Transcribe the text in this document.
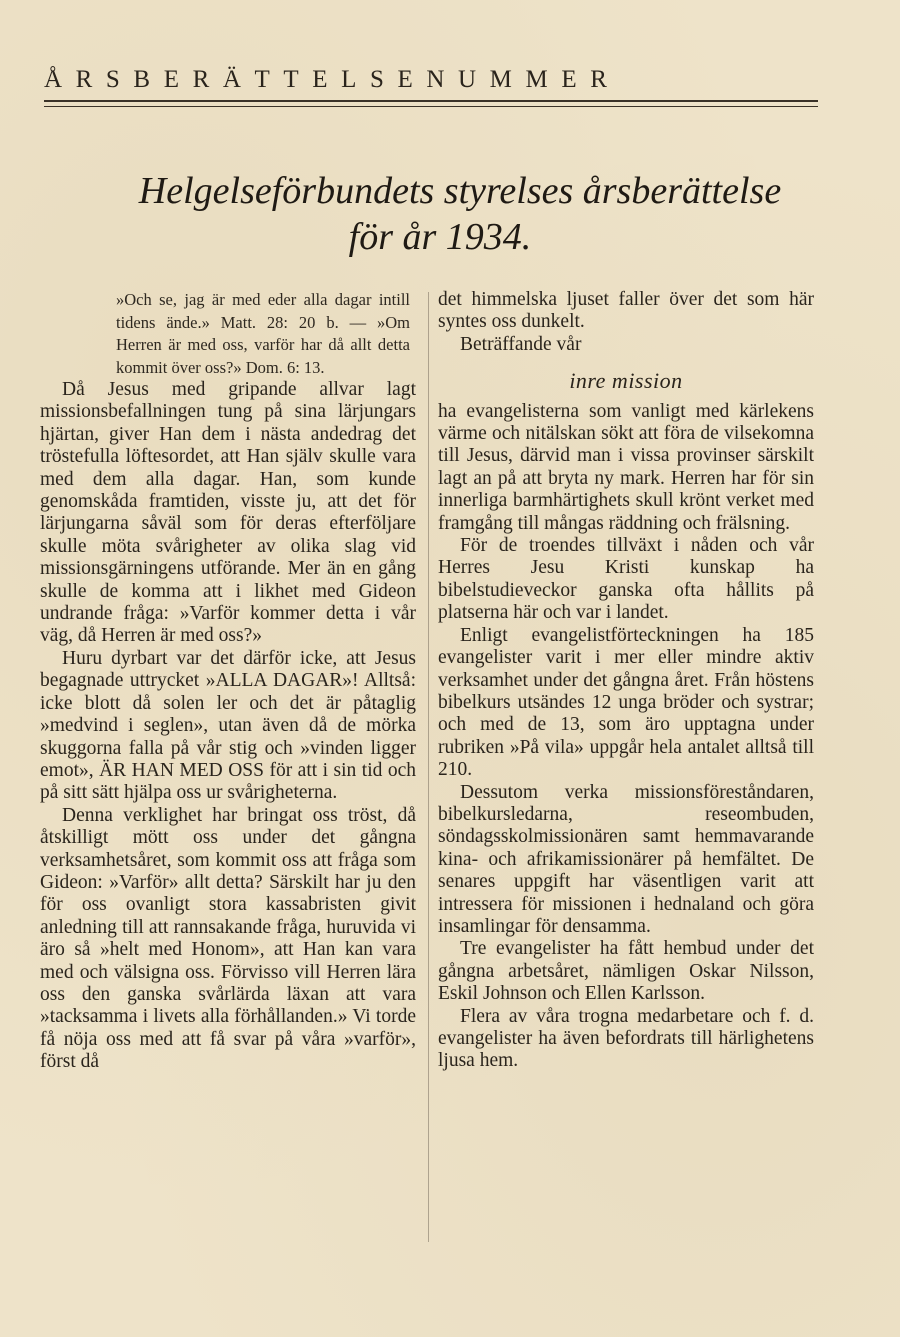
ÅRSBERÄTTELSENUMMER
Helgelseförbundets styrelses årsberättelse
för år 1934.

»Och se, jag är med eder alla dagar intill tidens ände.» Matt. 28: 20 b. — »Om Herren är med oss, varför har då allt detta kommit över oss?» Dom. 6: 13.

Då Jesus med gripande allvar lagt missionsbefallningen tung på sina lärjungars hjärtan, giver Han dem i nästa andedrag det tröstefulla löftesordet, att Han själv skulle vara med dem alla dagar. Han, som kunde genomskåda framtiden, visste ju, att det för lärjungarna såväl som för deras efterföljare skulle möta svårigheter av olika slag vid missionsgärningens utförande. Mer än en gång skulle de komma att i likhet med Gideon undrande fråga: »Varför kommer detta i vår väg, då Herren är med oss?»

Huru dyrbart var det därför icke, att Jesus begagnade uttrycket »ALLA DAGAR»! Alltså: icke blott då solen ler och det är påtaglig »medvind i seglen», utan även då de mörka skuggorna falla på vår stig och »vinden ligger emot», ÄR HAN MED OSS för att i sin tid och på sitt sätt hjälpa oss ur svårigheterna.

Denna verklighet har bringat oss tröst, då åtskilligt mött oss under det gångna verksamhetsåret, som kommit oss att fråga som Gideon: »Varför» allt detta? Särskilt har ju den för oss ovanligt stora kassabristen givit anledning till att rannsakande fråga, huruvida vi äro så »helt med Honom», att Han kan vara med och välsigna oss. Förvisso vill Herren lära oss den ganska svårlärda läxan att vara »tacksamma i livets alla förhållanden.» Vi torde få nöja oss med att få svar på våra »varför», först då

det himmelska ljuset faller över det som här syntes oss dunkelt.

Beträffande vår

inre mission

ha evangelisterna som vanligt med kärlekens värme och nitälskan sökt att föra de vilsekomna till Jesus, därvid man i vissa provinser särskilt lagt an på att bryta ny mark. Herren har för sin innerliga barmhärtighets skull krönt verket med framgång till mångas räddning och frälsning.

För de troendes tillväxt i nåden och vår Herres Jesu Kristi kunskap ha bibelstudieveckor ganska ofta hållits på platserna här och var i landet.

Enligt evangelistförteckningen ha 185 evangelister varit i mer eller mindre aktiv verksamhet under det gångna året. Från höstens bibelkurs utsändes 12 unga bröder och systrar; och med de 13, som äro upptagna under rubriken »På vila» uppgår hela antalet alltså till 210.

Dessutom verka missionsföreståndaren, bibelkursledarna, reseombuden, söndagsskolmissionären samt hemmavarande kina- och afrikamissionärer på hemfältet. De senares uppgift har väsentligen varit att intressera för missionen i hednaland och göra insamlingar för densamma.

Tre evangelister ha fått hembud under det gångna arbetsåret, nämligen Oskar Nilsson, Eskil Johnson och Ellen Karlsson.

Flera av våra trogna medarbetare och f. d. evangelister ha även befordrats till härlighetens ljusa hem.
